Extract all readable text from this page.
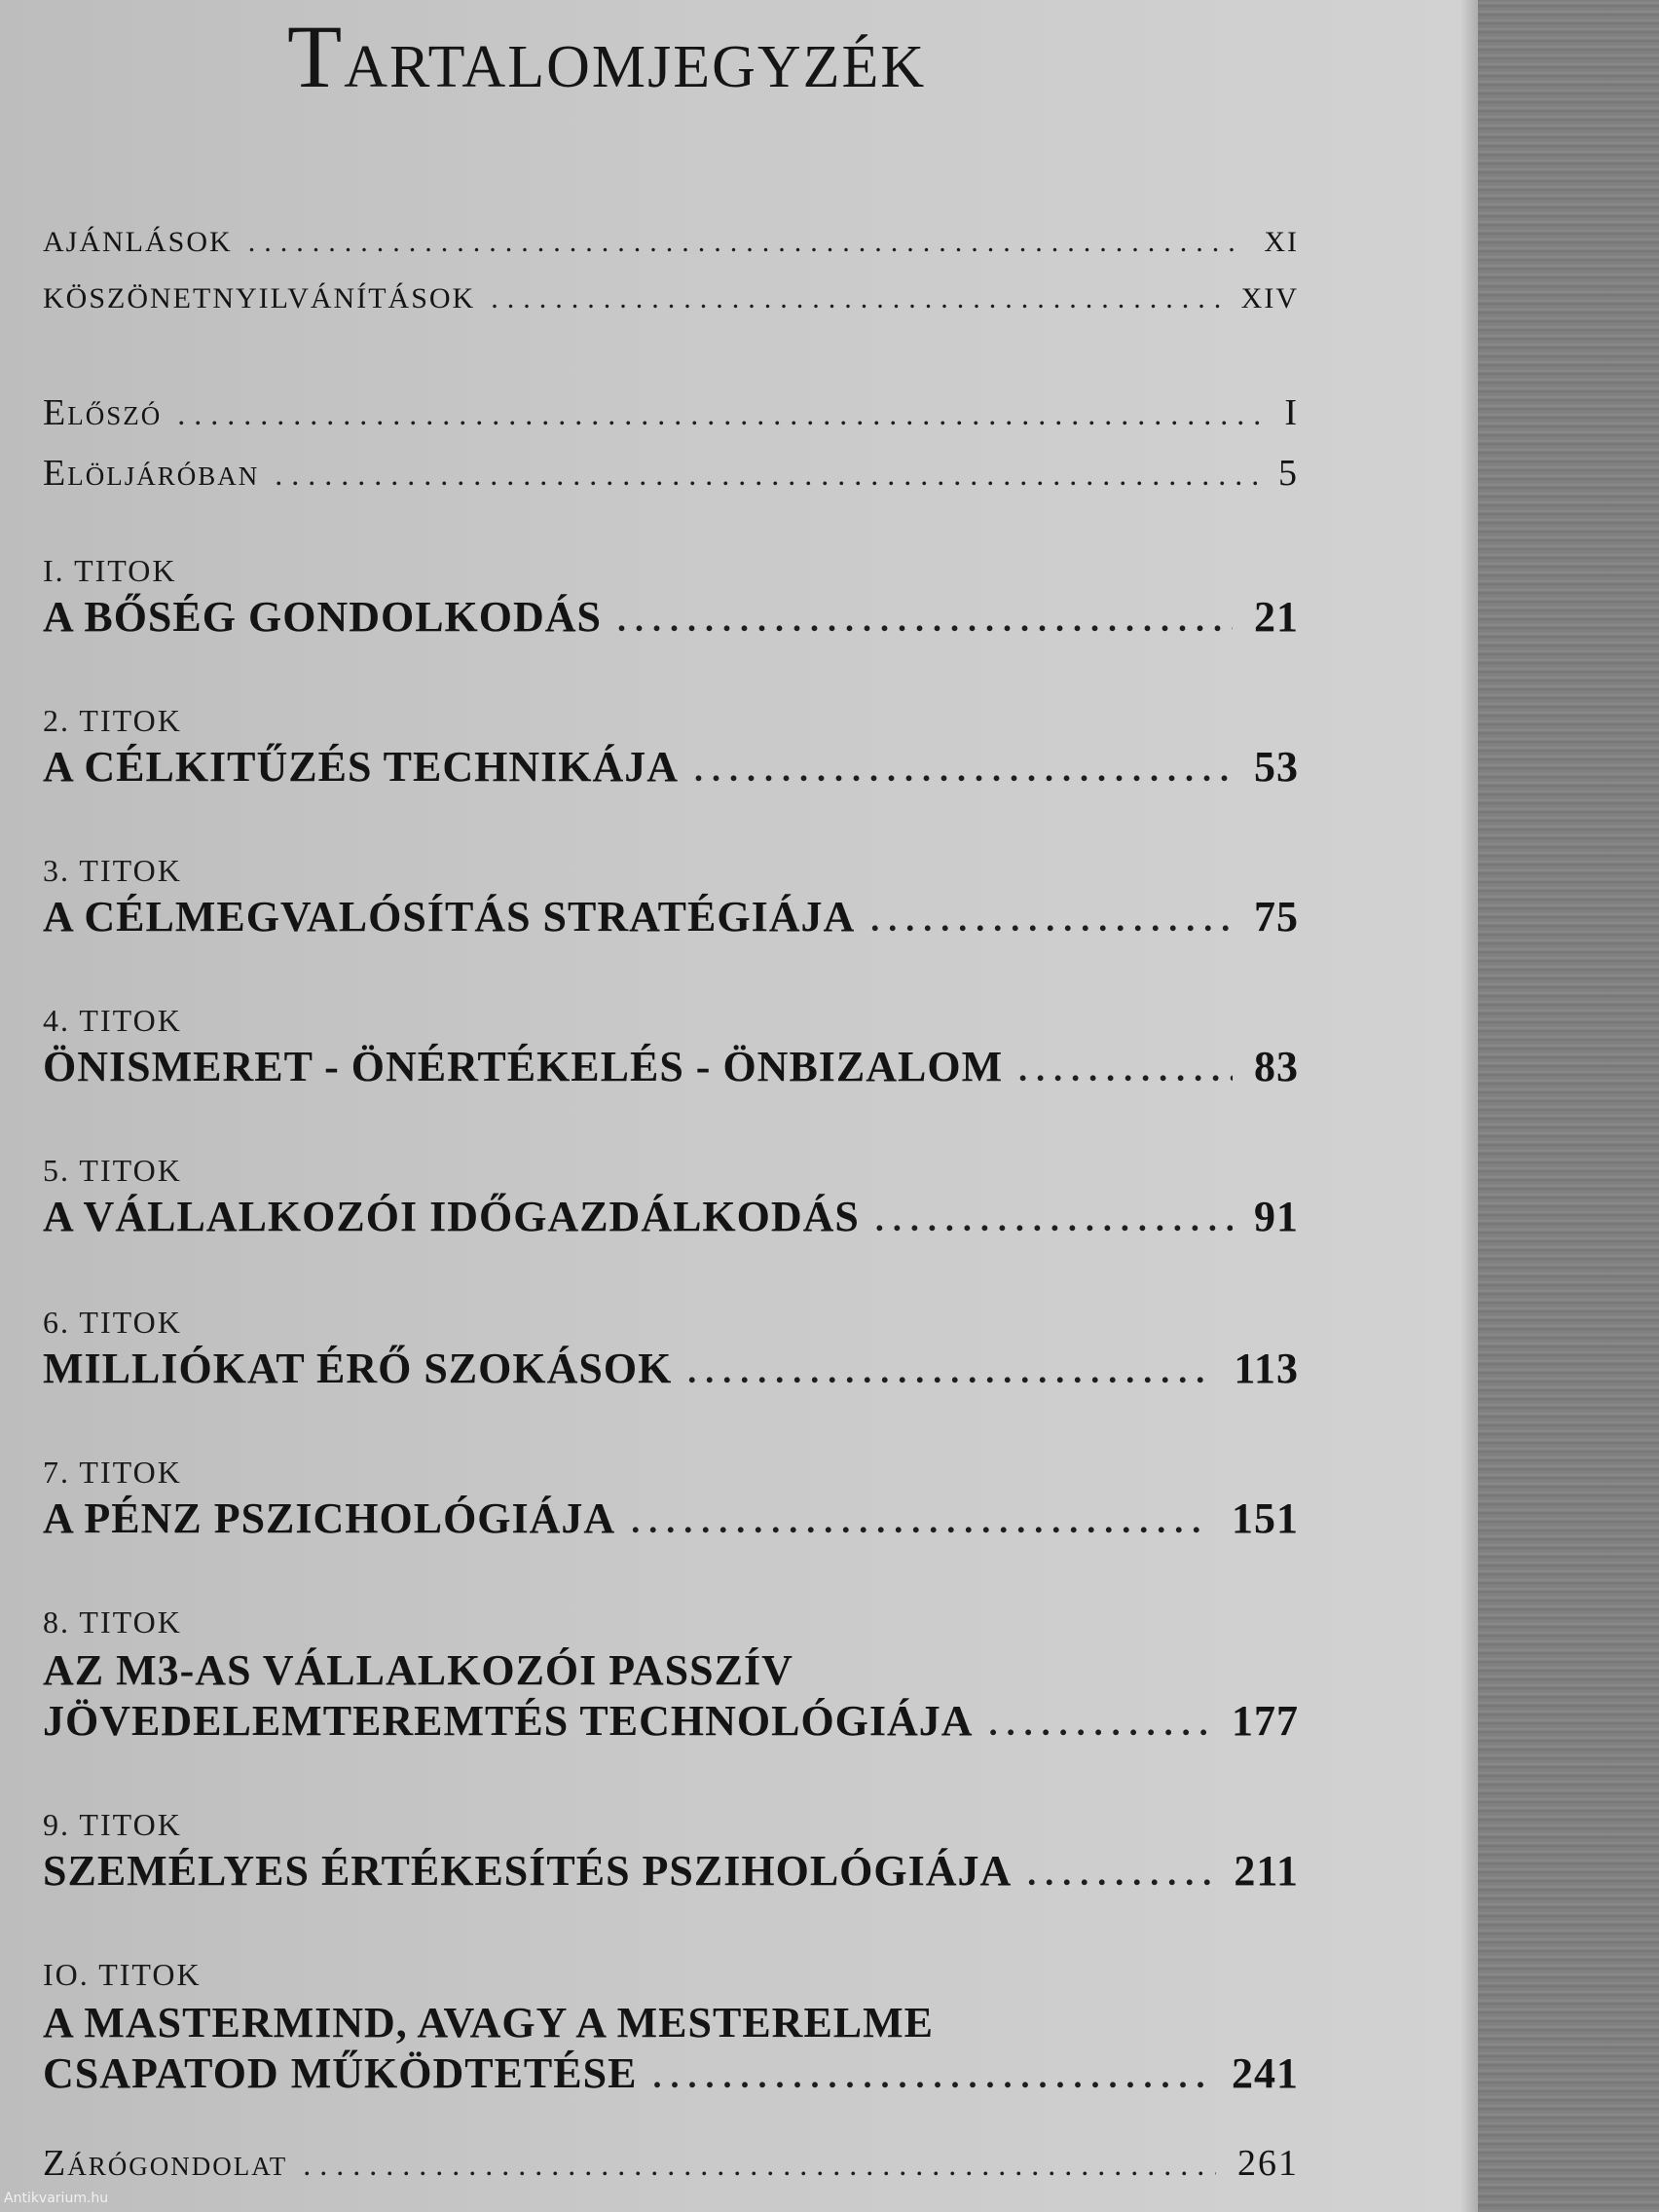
TARTALOMJEGYZÉK
AJÁNLÁSOK .....	XI
KÖSZÖNETNYILVÁNÍTÁSOK .....	XIV
Előszó .....	I
Elöljáróban .....	5
I. TITOK
A BŐSÉG GONDOLKODÁS .....	21
2. TITOK
A CÉLKITŰZÉS TECHNIKÁJA .....	53
3. TITOK
A CÉLMEGVALÓSÍTÁS STRATÉGIÁJA .....	75
4. TITOK
ÖNISMERET - ÖNÉRTÉKELÉS - ÖNBIZALOM .....	83
5. TITOK
A VÁLLALKOZÓI IDŐGAZDÁLKODÁS .....	91
6. TITOK
MILLIÓKAT ÉRŐ SZOKÁSOK .....	113
7. TITOK
A PÉNZ PSZICHOLÓGIÁJA .....	151
8. TITOK
AZ M3-AS VÁLLALKOZÓI PASSZÍV
JÖVEDELEMTEREMTÉS TECHNOLÓGIÁJA .....	177
9. TITOK
SZEMÉLYES ÉRTÉKESÍTÉS PSZIHOLÓGIÁJA .....	211
IO. TITOK
A MASTERMIND, AVAGY A MESTERELME
CSAPATOD MŰKÖDTETÉSE .....	241
Zárógondolat .....	261
Antikvarium.hu
